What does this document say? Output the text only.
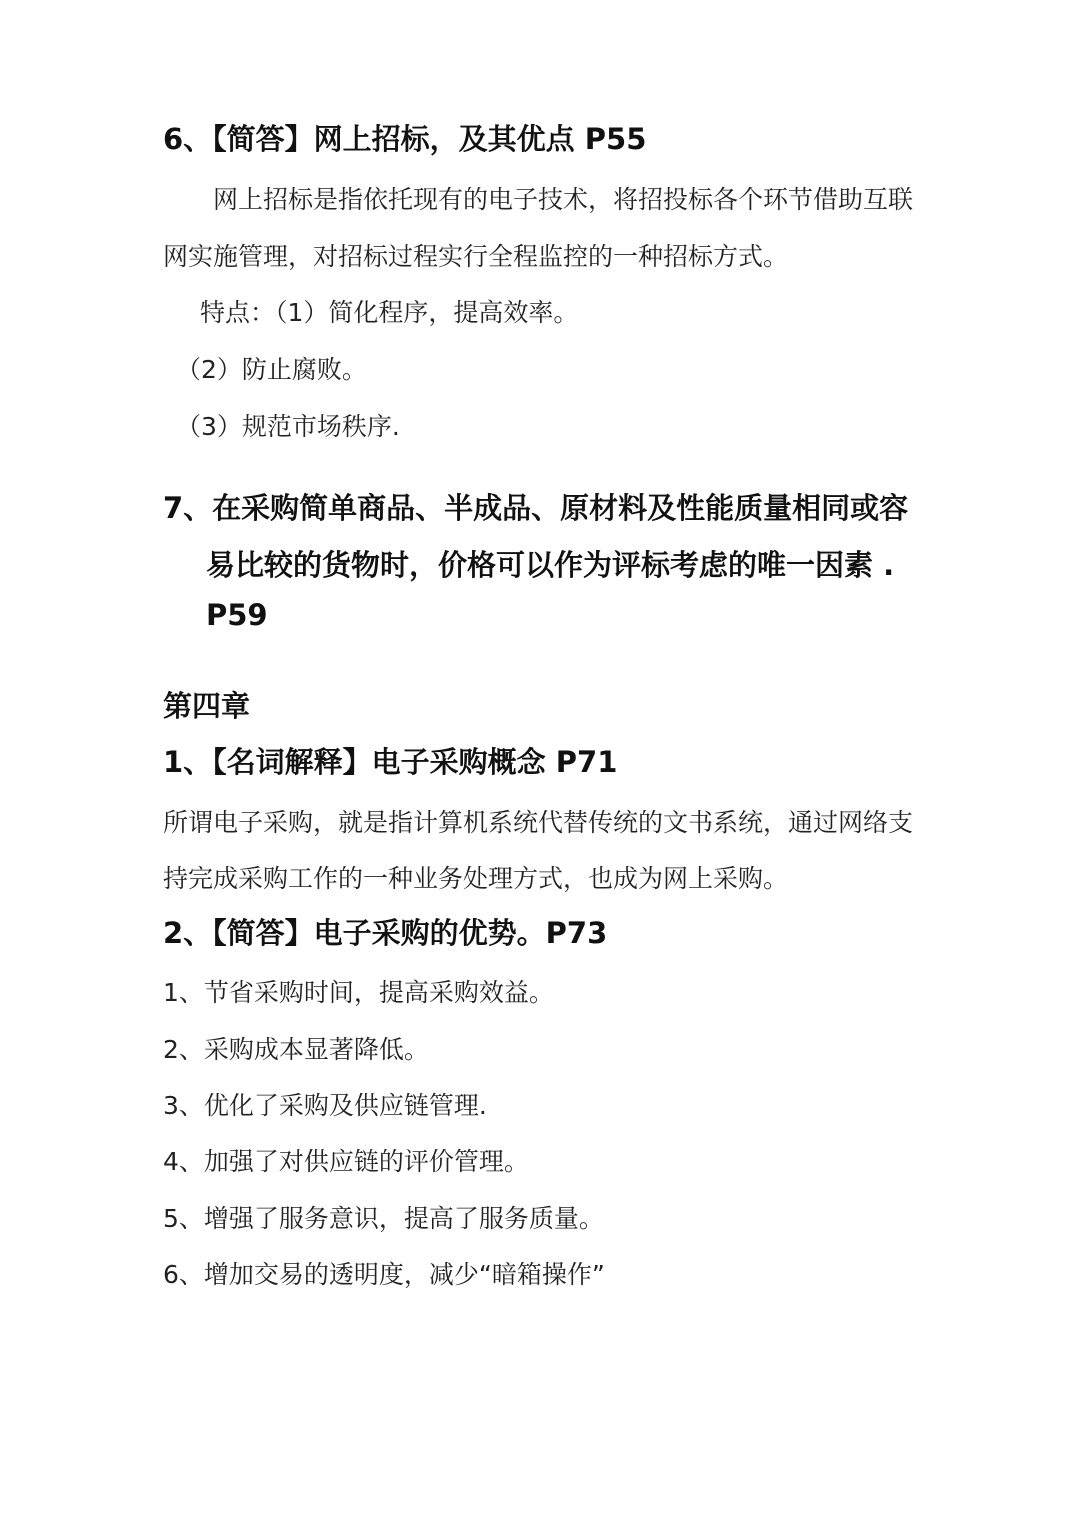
6、【简答】网上招标，及其优点 P55

网上招标是指依托现有的电子技术，将招投标各个环节借助互联

网实施管理，对招标过程实行全程监控的一种招标方式。

特点：（1）简化程序，提高效率。

（2）防止腐败。

（3）规范市场秩序.

7、在采购简单商品、半成品、原材料及性能质量相同或容

易比较的货物时，价格可以作为评标考虑的唯一因素 .

P59

第四章

1、【名词解释】电子采购概念 P71

所谓电子采购，就是指计算机系统代替传统的文书系统，通过网络支

持完成采购工作的一种业务处理方式，也成为网上采购。

2、【简答】电子采购的优势。P73

1、节省采购时间，提高采购效益。

2、采购成本显著降低。

3、优化了采购及供应链管理.

4、加强了对供应链的评价管理。

5、增强了服务意识，提高了服务质量。

6、增加交易的透明度，减少“暗箱操作”
